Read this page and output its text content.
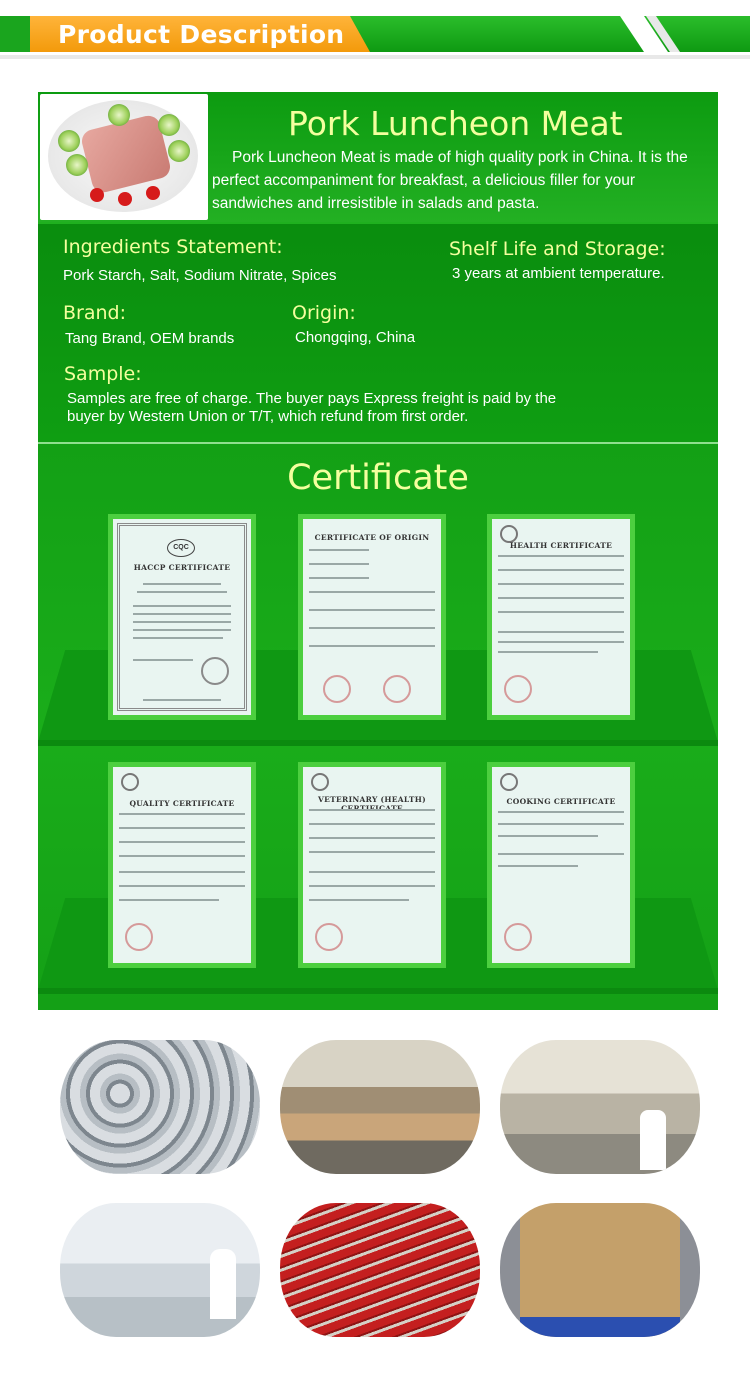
Product Description
Pork Luncheon Meat
Pork Luncheon Meat is made of high quality pork in China. It is the perfect accompaniment for breakfast, a delicious filler for your sandwiches and irresistible in salads and pasta.
Ingredients Statement:
Pork Starch, Salt, Sodium Nitrate, Spices
Shelf Life and Storage:
3 years at ambient temperature.
Brand:
Tang Brand, OEM brands
Origin:
Chongqing, China
Sample:
Samples are free of charge. The buyer pays Express freight is paid by the buyer by Western Union or T/T, which refund from first order.
Certificate
CQC
HACCP CERTIFICATE
CERTIFICATE OF ORIGIN
HEALTH CERTIFICATE
QUALITY CERTIFICATE	VETERINARY (HEALTH)	COOKING CERTIFICATE
